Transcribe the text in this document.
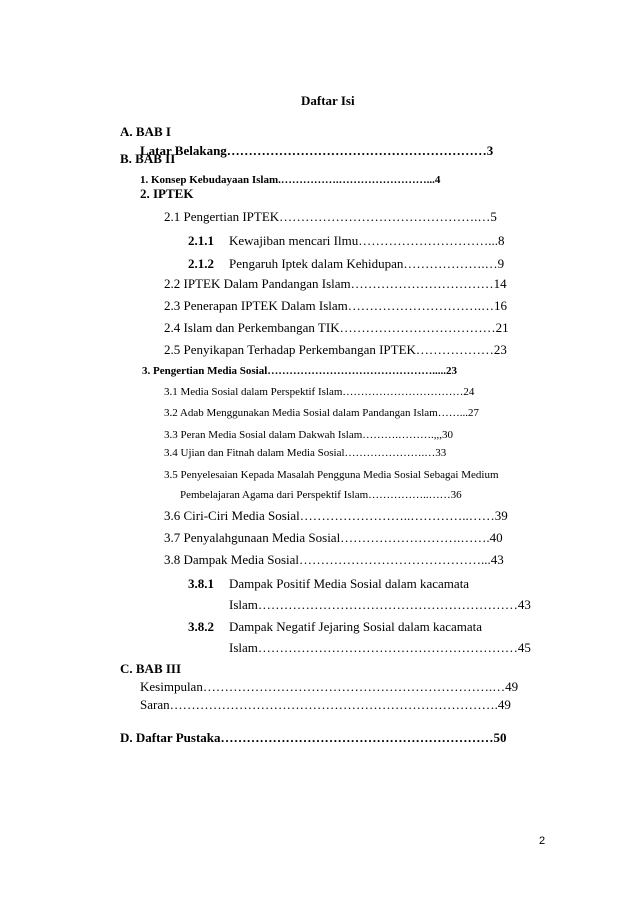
Daftar Isi
A. BAB I
Latar Belakang……………………………………………………3
B. BAB II
1. Konsep Kebudayaan Islam.…………….……………………...4
2. IPTEK
2.1 Pengertian IPTEK……………………………………….…5
2.1.1 Kewajiban mencari Ilmu…………………………...8
2.1.2 Pengaruh Iptek dalam Kehidupan……………….…9
2.2 IPTEK Dalam Pandangan Islam……………………………14
2.3 Penerapan IPTEK Dalam Islam………………………….…16
2.4 Islam dan Perkembangan TIK………………………………21
2.5 Penyikapan Terhadap Perkembangan IPTEK………………23
3. Pengertian Media Sosial……………………………………….....23
3.1 Media Sosial dalam Perspektif Islam……………………………24
3.2 Adab Menggunakan Media Sosial dalam Pandangan Islam……...27
3.3 Peran Media Sosial dalam Dakwah Islam……….……….,,,30
3.4 Ujian dan Fitnah dalam Media Sosial………………….…33
3.5 Penyelesaian Kepada Masalah Pengguna Media Sosial Sebagai Medium
Pembelajaran Agama dari Perspektif Islam……………..……36
3.6 Ciri-Ciri Media Sosial……………………..…………..……39
3.7 Penyalahgunaan Media Sosial……………………….…….40
3.8 Dampak Media Sosial……………………………………...43
3.8.1 Dampak Positif Media Sosial dalam kacamata
Islam……………………………………………………43
3.8.2 Dampak Negatif Jejaring Sosial dalam kacamata
Islam……………………………………………………45
C. BAB III
Kesimpulan………………………………………………………….…49
Saran………………………………………………………………….49
D. Daftar Pustaka………………………………………………………50
2
